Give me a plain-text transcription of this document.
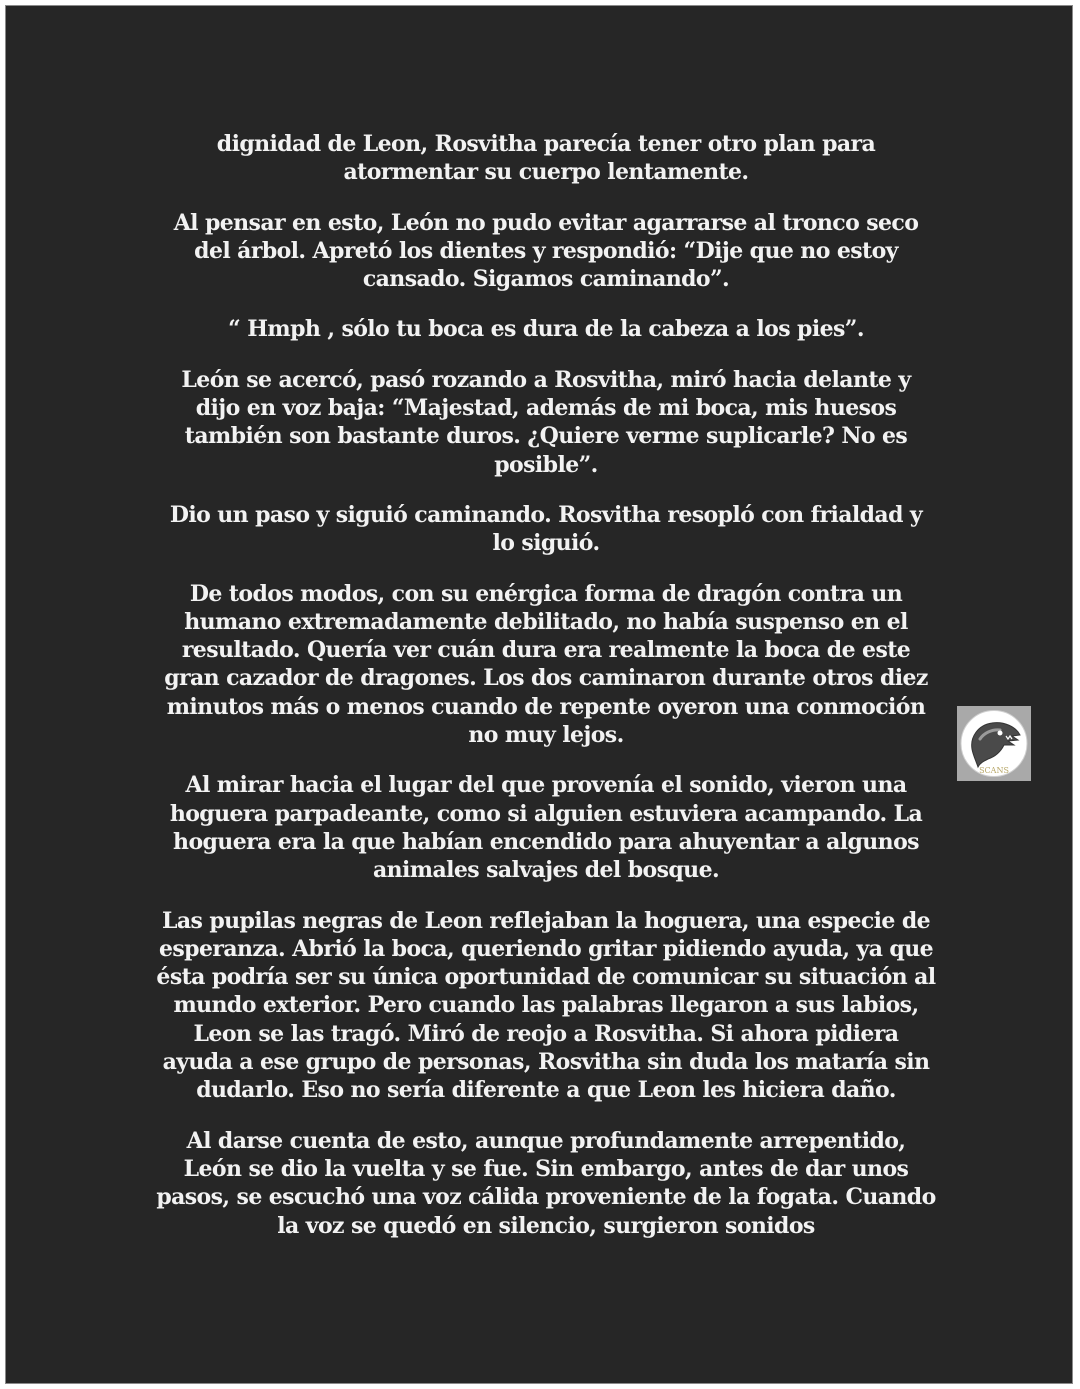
dignidad de Leon, Rosvitha parecía tener otro plan para atormentar su cuerpo lentamente.

Al pensar en esto, León no pudo evitar agarrarse al tronco seco del árbol. Apretó los dientes y respondió: “Dije que no estoy cansado. Sigamos caminando”.

“ Hmph , sólo tu boca es dura de la cabeza a los pies”.

León se acercó, pasó rozando a Rosvitha, miró hacia delante y dijo en voz baja: “Majestad, además de mi boca, mis huesos también son bastante duros. ¿Quiere verme suplicarle? No es posible”.

Dio un paso y siguió caminando. Rosvitha resopló con frialdad y lo siguió.

De todos modos, con su enérgica forma de dragón contra un humano extremadamente debilitado, no había suspenso en el resultado. Quería ver cuán dura era realmente la boca de este gran cazador de dragones. Los dos caminaron durante otros diez minutos más o menos cuando de repente oyeron una conmoción no muy lejos.

Al mirar hacia el lugar del que provenía el sonido, vieron una hoguera parpadeante, como si alguien estuviera acampando. La hoguera era la que habían encendido para ahuyentar a algunos animales salvajes del bosque.

Las pupilas negras de Leon reflejaban la hoguera, una especie de esperanza. Abrió la boca, queriendo gritar pidiendo ayuda, ya que ésta podría ser su única oportunidad de comunicar su situación al mundo exterior. Pero cuando las palabras llegaron a sus labios, Leon se las tragó. Miró de reojo a Rosvitha. Si ahora pidiera ayuda a ese grupo de personas, Rosvitha sin duda los mataría sin dudarlo. Eso no sería diferente a que Leon les hiciera daño.

Al darse cuenta de esto, aunque profundamente arrepentido, León se dio la vuelta y se fue. Sin embargo, antes de dar unos pasos, se escuchó una voz cálida proveniente de la fogata. Cuando la voz se quedó en silencio, surgieron sonidos

SCANS
